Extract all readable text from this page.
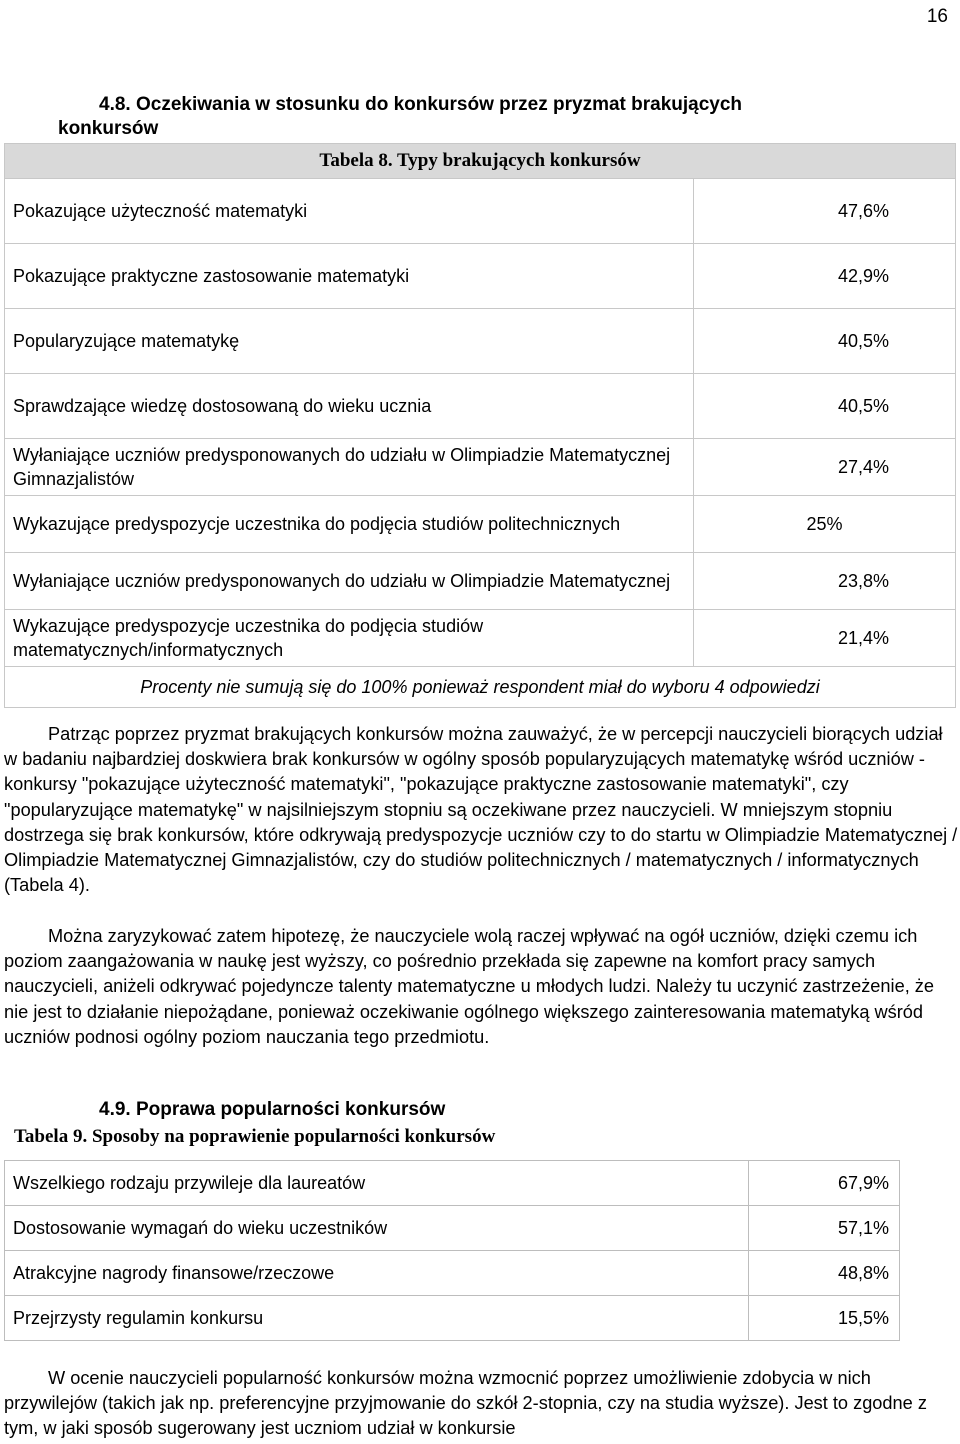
16
4.8. Oczekiwania w stosunku do konkursów przez pryzmat brakujących
konkursów
Tabela 8. Typy brakujących konkursów	
Pokazujące użyteczność matematyki	47,6%
Pokazujące praktyczne zastosowanie matematyki	42,9%
Popularyzujące matematykę	40,5%
Sprawdzające wiedzę dostosowaną do wieku ucznia	40,5%
Wyłaniające uczniów predysponowanych do udziału w Olimpiadzie Matematycznej Gimnazjalistów	27,4%
Wykazujące predyspozycje uczestnika do podjęcia studiów politechnicznych	25%
Wyłaniające uczniów predysponowanych do udziału w Olimpiadzie Matematycznej	23,8%
Wykazujące predyspozycje uczestnika do podjęcia studiów matematycznych/informatycznych	21,4%
Procenty nie sumują się do 100% ponieważ respondent miał do wyboru 4 odpowiedzi	

Patrząc poprzez pryzmat brakujących konkursów można zauważyć, że w percepcji nauczycieli biorących udział w badaniu najbardziej doskwiera brak konkursów w ogólny sposób popularyzujących matematykę wśród uczniów - konkursy "pokazujące użyteczność matematyki", "pokazujące praktyczne zastosowanie matematyki", czy "popularyzujące matematykę" w najsilniejszym stopniu są oczekiwane przez nauczycieli. W mniejszym stopniu dostrzega się brak konkursów, które odkrywają predyspozycje uczniów czy to do startu w Olimpiadzie Matematycznej / Olimpiadzie Matematycznej Gimnazjalistów, czy do studiów politechnicznych / matematycznych / informatycznych (Tabela 4).

Można zaryzykować zatem hipotezę, że nauczyciele wolą raczej wpływać na ogół uczniów, dzięki czemu ich poziom zaangażowania w naukę jest wyższy, co pośrednio przekłada się zapewne na komfort pracy samych nauczycieli, aniżeli odkrywać pojedyncze talenty matematyczne u młodych ludzi. Należy tu uczynić zastrzeżenie, że nie jest to działanie niepożądane, ponieważ oczekiwanie ogólnego większego zainteresowania matematyką wśród uczniów podnosi ogólny poziom nauczania tego przedmiotu.

4.9. Poprawa popularności konkursów
Tabela 9. Sposoby na poprawienie popularności konkursów
Wszelkiego rodzaju przywileje dla laureatów	67,9%
Dostosowanie wymagań do wieku uczestników	57,1%
Atrakcyjne nagrody finansowe/rzeczowe	48,8%
Przejrzysty regulamin konkursu	15,5%

W ocenie nauczycieli popularność konkursów można wzmocnić poprzez umożliwienie zdobycia w nich przywilejów (takich jak np. preferencyjne przyjmowanie do szkół 2-stopnia, czy na studia wyższe). Jest to zgodne z tym, w jaki sposób sugerowany jest uczniom udział w konkursie
